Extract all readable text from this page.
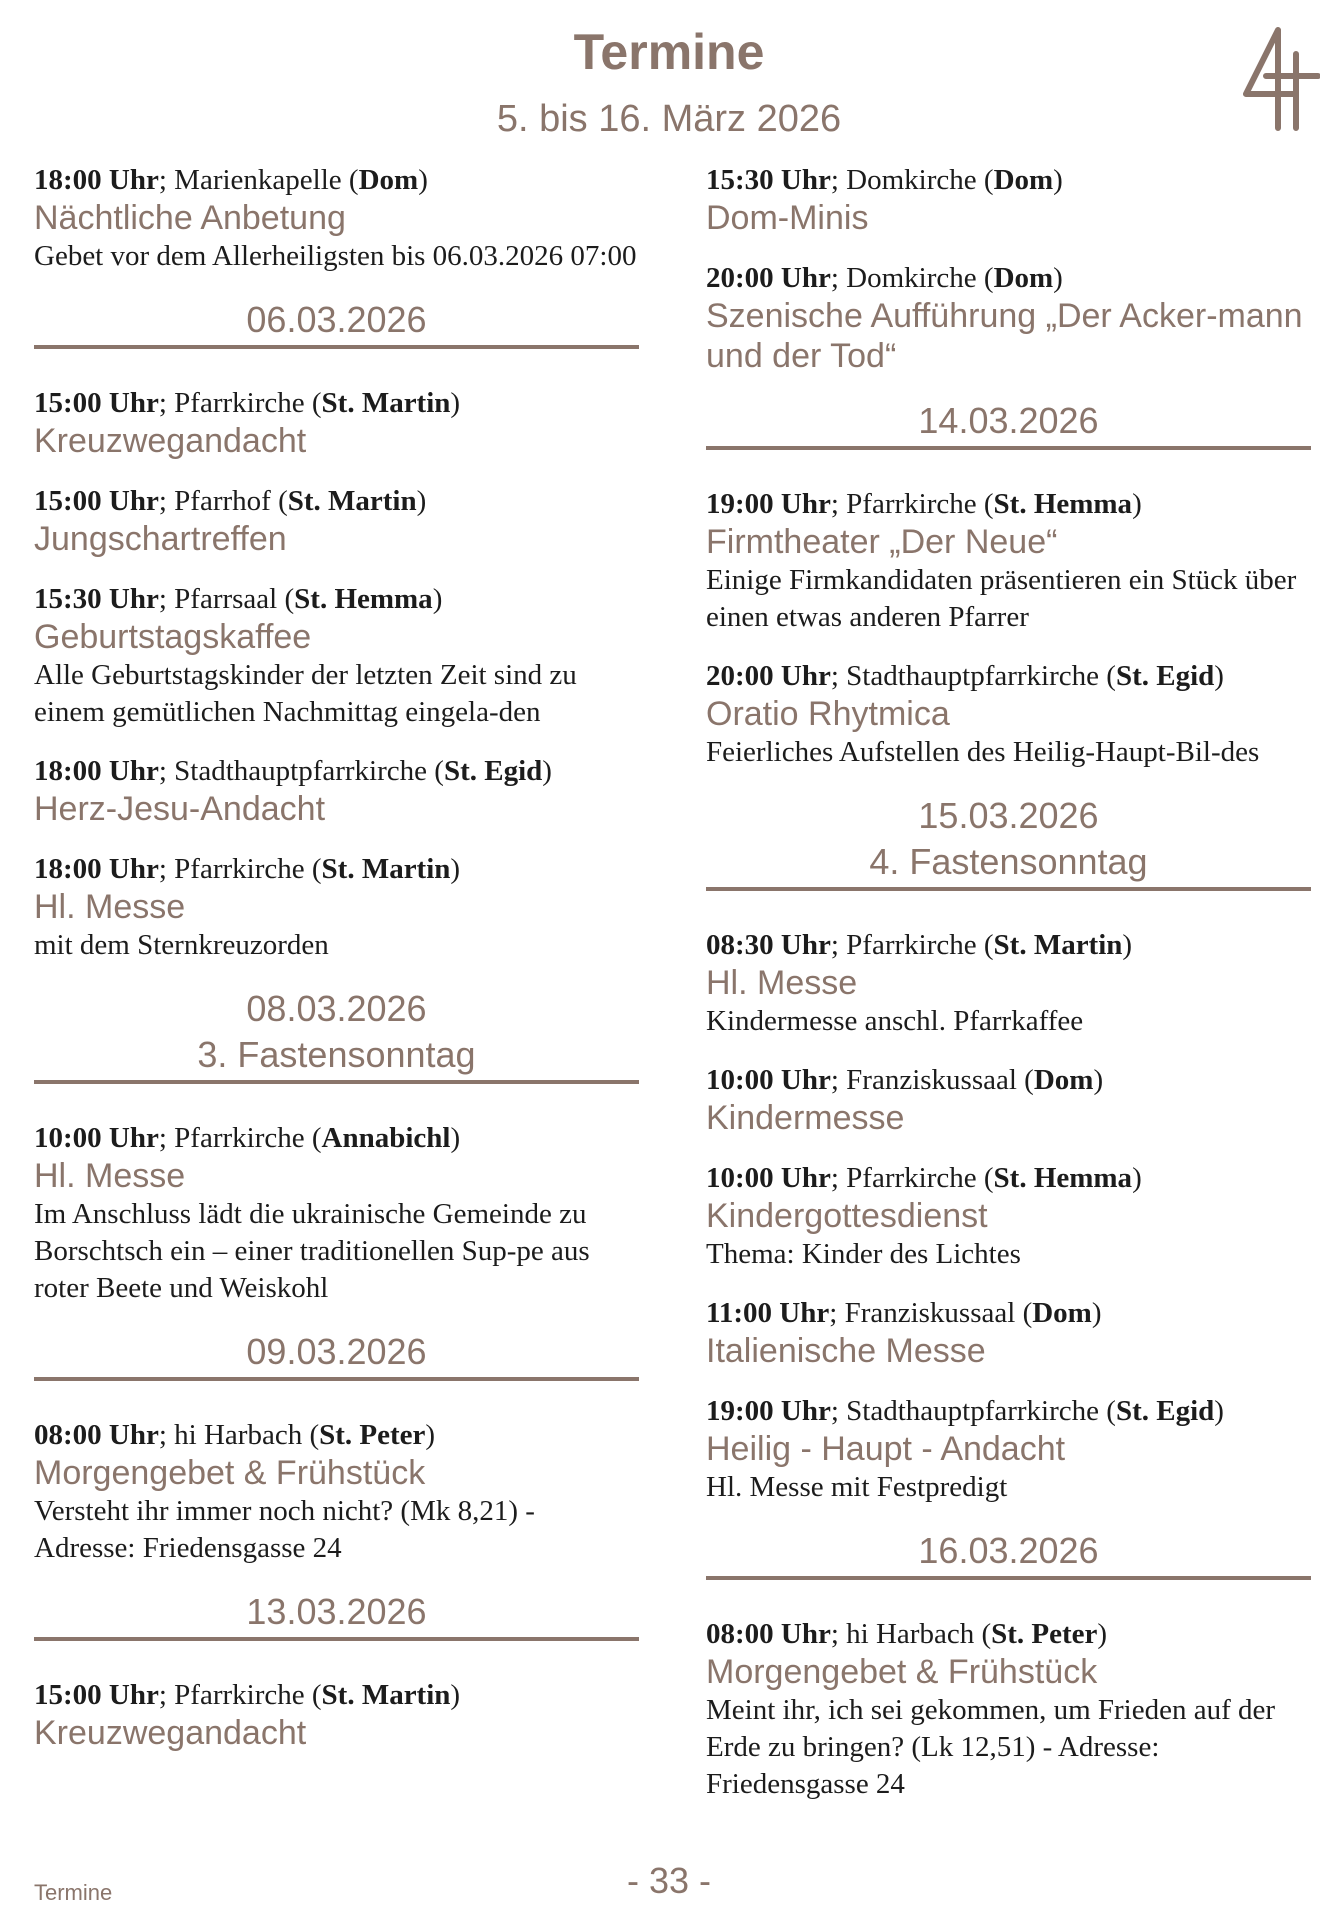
Termine
5. bis 16. März 2026
18:00 Uhr; Marienkapelle (Dom)
Nächtliche Anbetung
Gebet vor dem Allerheiligsten bis 06.03.2026 07:00
06.03.2026
15:00 Uhr; Pfarrkirche (St. Martin)
Kreuzwegandacht
15:00 Uhr; Pfarrhof (St. Martin)
Jungschartreffen
15:30 Uhr; Pfarrsaal (St. Hemma)
Geburtstagskaffee
Alle Geburtstagskinder der letzten Zeit sind zu einem gemütlichen Nachmittag eingela-den
18:00 Uhr; Stadthauptpfarrkirche (St. Egid)
Herz-Jesu-Andacht
18:00 Uhr; Pfarrkirche (St. Martin)
Hl. Messe
mit dem Sternkreuzorden
08.03.2026
3. Fastensonntag
10:00 Uhr; Pfarrkirche (Annabichl)
Hl. Messe
Im Anschluss lädt die ukrainische Gemeinde zu Borschtsch ein – einer traditionellen Sup-pe aus roter Beete und Weiskohl
09.03.2026
08:00 Uhr; hi Harbach (St. Peter)
Morgengebet & Frühstück
Versteht ihr immer noch nicht? (Mk 8,21) - Adresse: Friedensgasse 24
13.03.2026
15:00 Uhr; Pfarrkirche (St. Martin)
Kreuzwegandacht
15:30 Uhr; Domkirche (Dom)
Dom-Minis
20:00 Uhr; Domkirche (Dom)
Szenische Aufführung „Der Acker-mann und der Tod“
14.03.2026
19:00 Uhr; Pfarrkirche (St. Hemma)
Firmtheater „Der Neue“
Einige Firmkandidaten präsentieren ein Stück über einen etwas anderen Pfarrer
20:00 Uhr; Stadthauptpfarrkirche (St. Egid)
Oratio Rhytmica
Feierliches Aufstellen des Heilig-Haupt-Bil-des
15.03.2026
4. Fastensonntag
08:30 Uhr; Pfarrkirche (St. Martin)
Hl. Messe
Kindermesse anschl. Pfarrkaffee
10:00 Uhr; Franziskussaal (Dom)
Kindermesse
10:00 Uhr; Pfarrkirche (St. Hemma)
Kindergottesdienst
Thema: Kinder des Lichtes
11:00 Uhr; Franziskussaal (Dom)
Italienische Messe
19:00 Uhr; Stadthauptpfarrkirche (St. Egid)
Heilig - Haupt - Andacht
Hl. Messe mit Festpredigt
16.03.2026
08:00 Uhr; hi Harbach (St. Peter)
Morgengebet & Frühstück
Meint ihr, ich sei gekommen, um Frieden auf der Erde zu bringen? (Lk 12,51) - Adresse: Friedensgasse 24
Termine	- 33 -
